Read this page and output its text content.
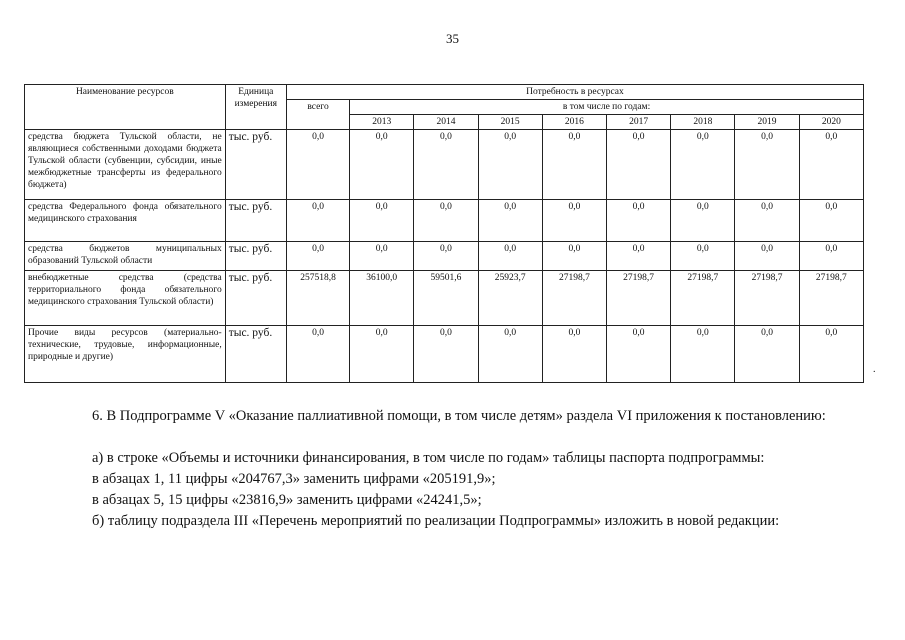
35
Наименование ресурсов	Единица измерения	Потребность в ресурсах								
		всего	в том числе по годам:							
			2013	2014	2015	2016	2017	2018	2019	2020
средства бюджета Тульской области, не являющиеся собственными доходами бюджета Тульской области (субвенции, субсидии, иные межбюджетные трансферты из федерального бюджета)	тыс. руб.	0,0	0,0	0,0	0,0	0,0	0,0	0,0	0,0	0,0
средства Федерального фонда обязательного медицинского страхования	тыс. руб.	0,0	0,0	0,0	0,0	0,0	0,0	0,0	0,0	0,0
средства бюджетов муниципальных образований Тульской области	тыс. руб.	0,0	0,0	0,0	0,0	0,0	0,0	0,0	0,0	0,0
внебюджетные средства (средства территориального фонда обязательного медицинского страхования Тульской области)	тыс. руб.	257518,8	36100,0	59501,6	25923,7	27198,7	27198,7	27198,7	27198,7	27198,7
Прочие виды ресурсов (материально-технические, трудовые, информационные, природные и другие)	тыс. руб.	0,0	0,0	0,0	0,0	0,0	0,0	0,0	0,0	0,0
.
6. В Подпрограмме V «Оказание паллиативной помощи, в том числе детям» раздела VI приложения к постановлению:
а) в строке «Объемы и источники финансирования, в том числе по годам» таблицы паспорта подпрограммы:
в абзацах 1, 11 цифры «204767,3» заменить цифрами «205191,9»;
в абзацах 5, 15 цифры «23816,9» заменить цифрами «24241,5»;
б) таблицу подраздела III «Перечень мероприятий по реализации Подпрограммы» изложить в новой редакции:
